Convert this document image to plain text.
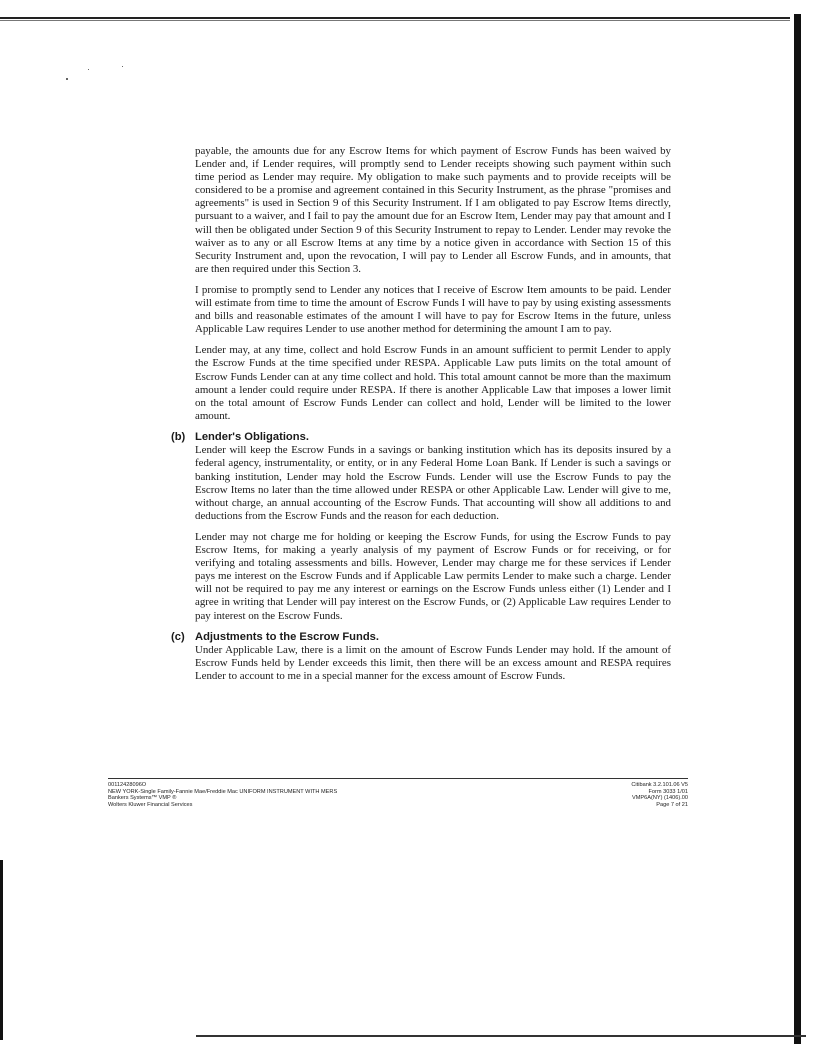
payable, the amounts due for any Escrow Items for which payment of Escrow Funds has been waived by Lender and, if Lender requires, will promptly send to Lender receipts showing such payment within such time period as Lender may require. My obligation to make such payments and to provide receipts will be considered to be a promise and agreement contained in this Security Instrument, as the phrase "promises and agreements" is used in Section 9 of this Security Instrument. If I am obligated to pay Escrow Items directly, pursuant to a waiver, and I fail to pay the amount due for an Escrow Item, Lender may pay that amount and I will then be obligated under Section 9 of this Security Instrument to repay to Lender. Lender may revoke the waiver as to any or all Escrow Items at any time by a notice given in accordance with Section 15 of this Security Instrument and, upon the revocation, I will pay to Lender all Escrow Funds, and in amounts, that are then required under this Section 3.

I promise to promptly send to Lender any notices that I receive of Escrow Item amounts to be paid. Lender will estimate from time to time the amount of Escrow Funds I will have to pay by using existing assessments and bills and reasonable estimates of the amount I will have to pay for Escrow Items in the future, unless Applicable Law requires Lender to use another method for determining the amount I am to pay.

Lender may, at any time, collect and hold Escrow Funds in an amount sufficient to permit Lender to apply the Escrow Funds at the time specified under RESPA. Applicable Law puts limits on the total amount of Escrow Funds Lender can at any time collect and hold. This total amount cannot be more than the maximum amount a lender could require under RESPA. If there is another Applicable Law that imposes a lower limit on the total amount of Escrow Funds Lender can collect and hold, Lender will be limited to the lower amount.

(b) Lender's Obligations.

Lender will keep the Escrow Funds in a savings or banking institution which has its deposits insured by a federal agency, instrumentality, or entity, or in any Federal Home Loan Bank. If Lender is such a savings or banking institution, Lender may hold the Escrow Funds. Lender will use the Escrow Funds to pay the Escrow Items no later than the time allowed under RESPA or other Applicable Law. Lender will give to me, without charge, an annual accounting of the Escrow Funds. That accounting will show all additions to and deductions from the Escrow Funds and the reason for each deduction.

Lender may not charge me for holding or keeping the Escrow Funds, for using the Escrow Funds to pay Escrow Items, for making a yearly analysis of my payment of Escrow Funds or for receiving, or for verifying and totaling assessments and bills. However, Lender may charge me for these services if Lender pays me interest on the Escrow Funds and if Applicable Law permits Lender to make such a charge. Lender will not be required to pay me any interest or earnings on the Escrow Funds unless either (1) Lender and I agree in writing that Lender will pay interest on the Escrow Funds, or (2) Applicable Law requires Lender to pay interest on the Escrow Funds.

(c) Adjustments to the Escrow Funds.

Under Applicable Law, there is a limit on the amount of Escrow Funds Lender may hold. If the amount of Escrow Funds held by Lender exceeds this limit, then there will be an excess amount and RESPA requires Lender to account to me in a special manner for the excess amount of Escrow Funds.

00112428096O
NEW YORK-Single Family-Fannie Mae/Freddie Mac UNIFORM INSTRUMENT WITH MERS
Bankers Systems™ VMP ®
Wolters Kluwer Financial Services
Citibank 3.2.101.06 V5
Form 3033 1/01
VMP6A(NY) (1406).00
Page 7 of 21
